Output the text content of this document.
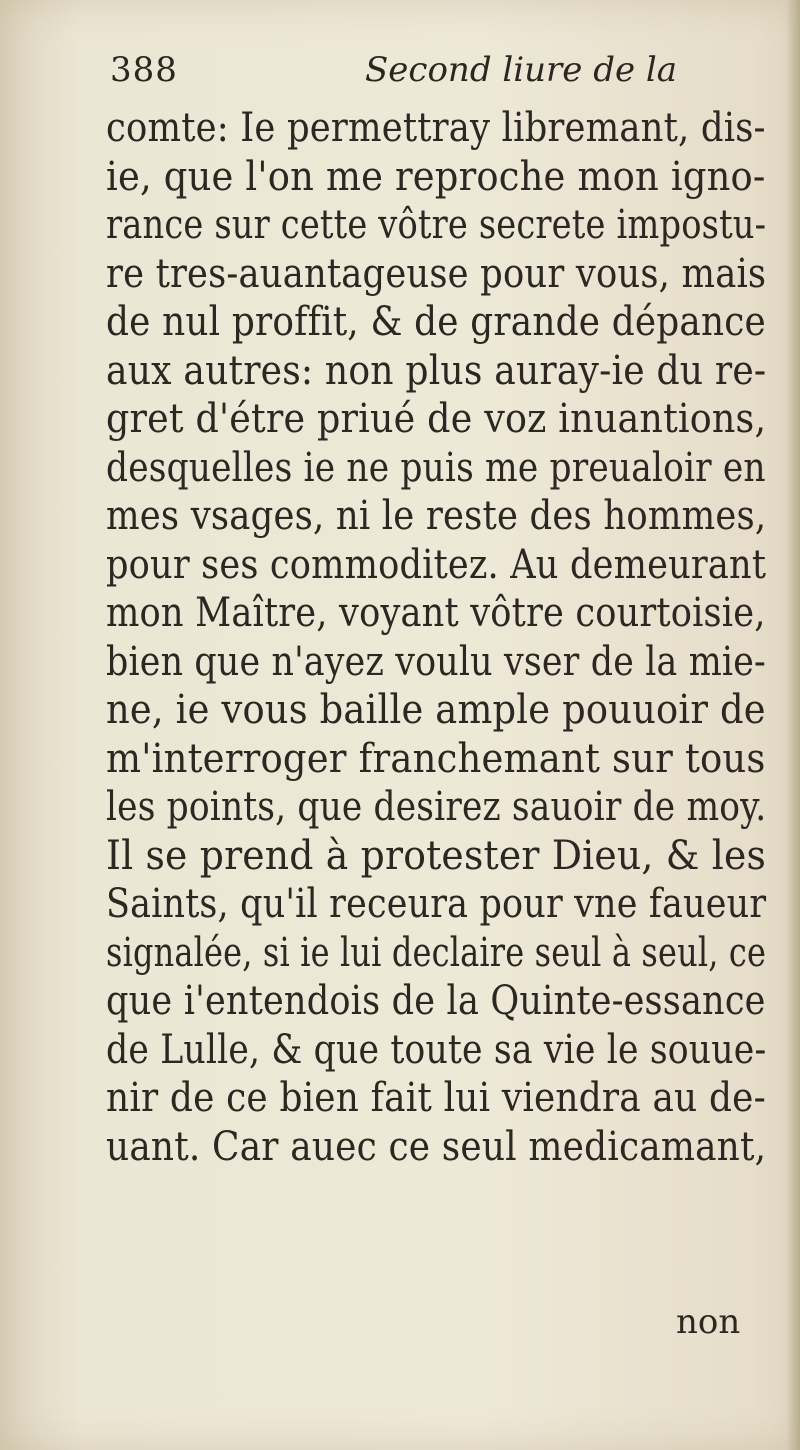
388	Second liure de la
comte: Ie permettray libremant, dis-
ie, que l'on me reproche mon igno-
rance sur cette vôtre secrete impostu-
re tres-auantageuse pour vous, mais
de nul proffit, & de grande dépance
aux autres: non plus auray-ie du re-
gret d'étre priué de voz inuantions,
desquelles ie ne puis me preualoir en
mes vsages, ni le reste des hommes,
pour ses commoditez. Au demeurant
mon Maître, voyant vôtre courtoisie,
bien que n'ayez voulu vser de la mie-
ne, ie vous baille ample pouuoir de
m'interroger franchemant sur tous
les points, que desirez sauoir de moy.
Il se prend à protester Dieu, & les
Saints, qu'il receura pour vne faueur
signalée, si ie lui declaire seul à seul, ce
que i'entendois de la Quinte-essance
de Lulle, & que toute sa vie le souue-
nir de ce bien fait lui viendra au de-
uant. Car auec ce seul medicamant,
non
